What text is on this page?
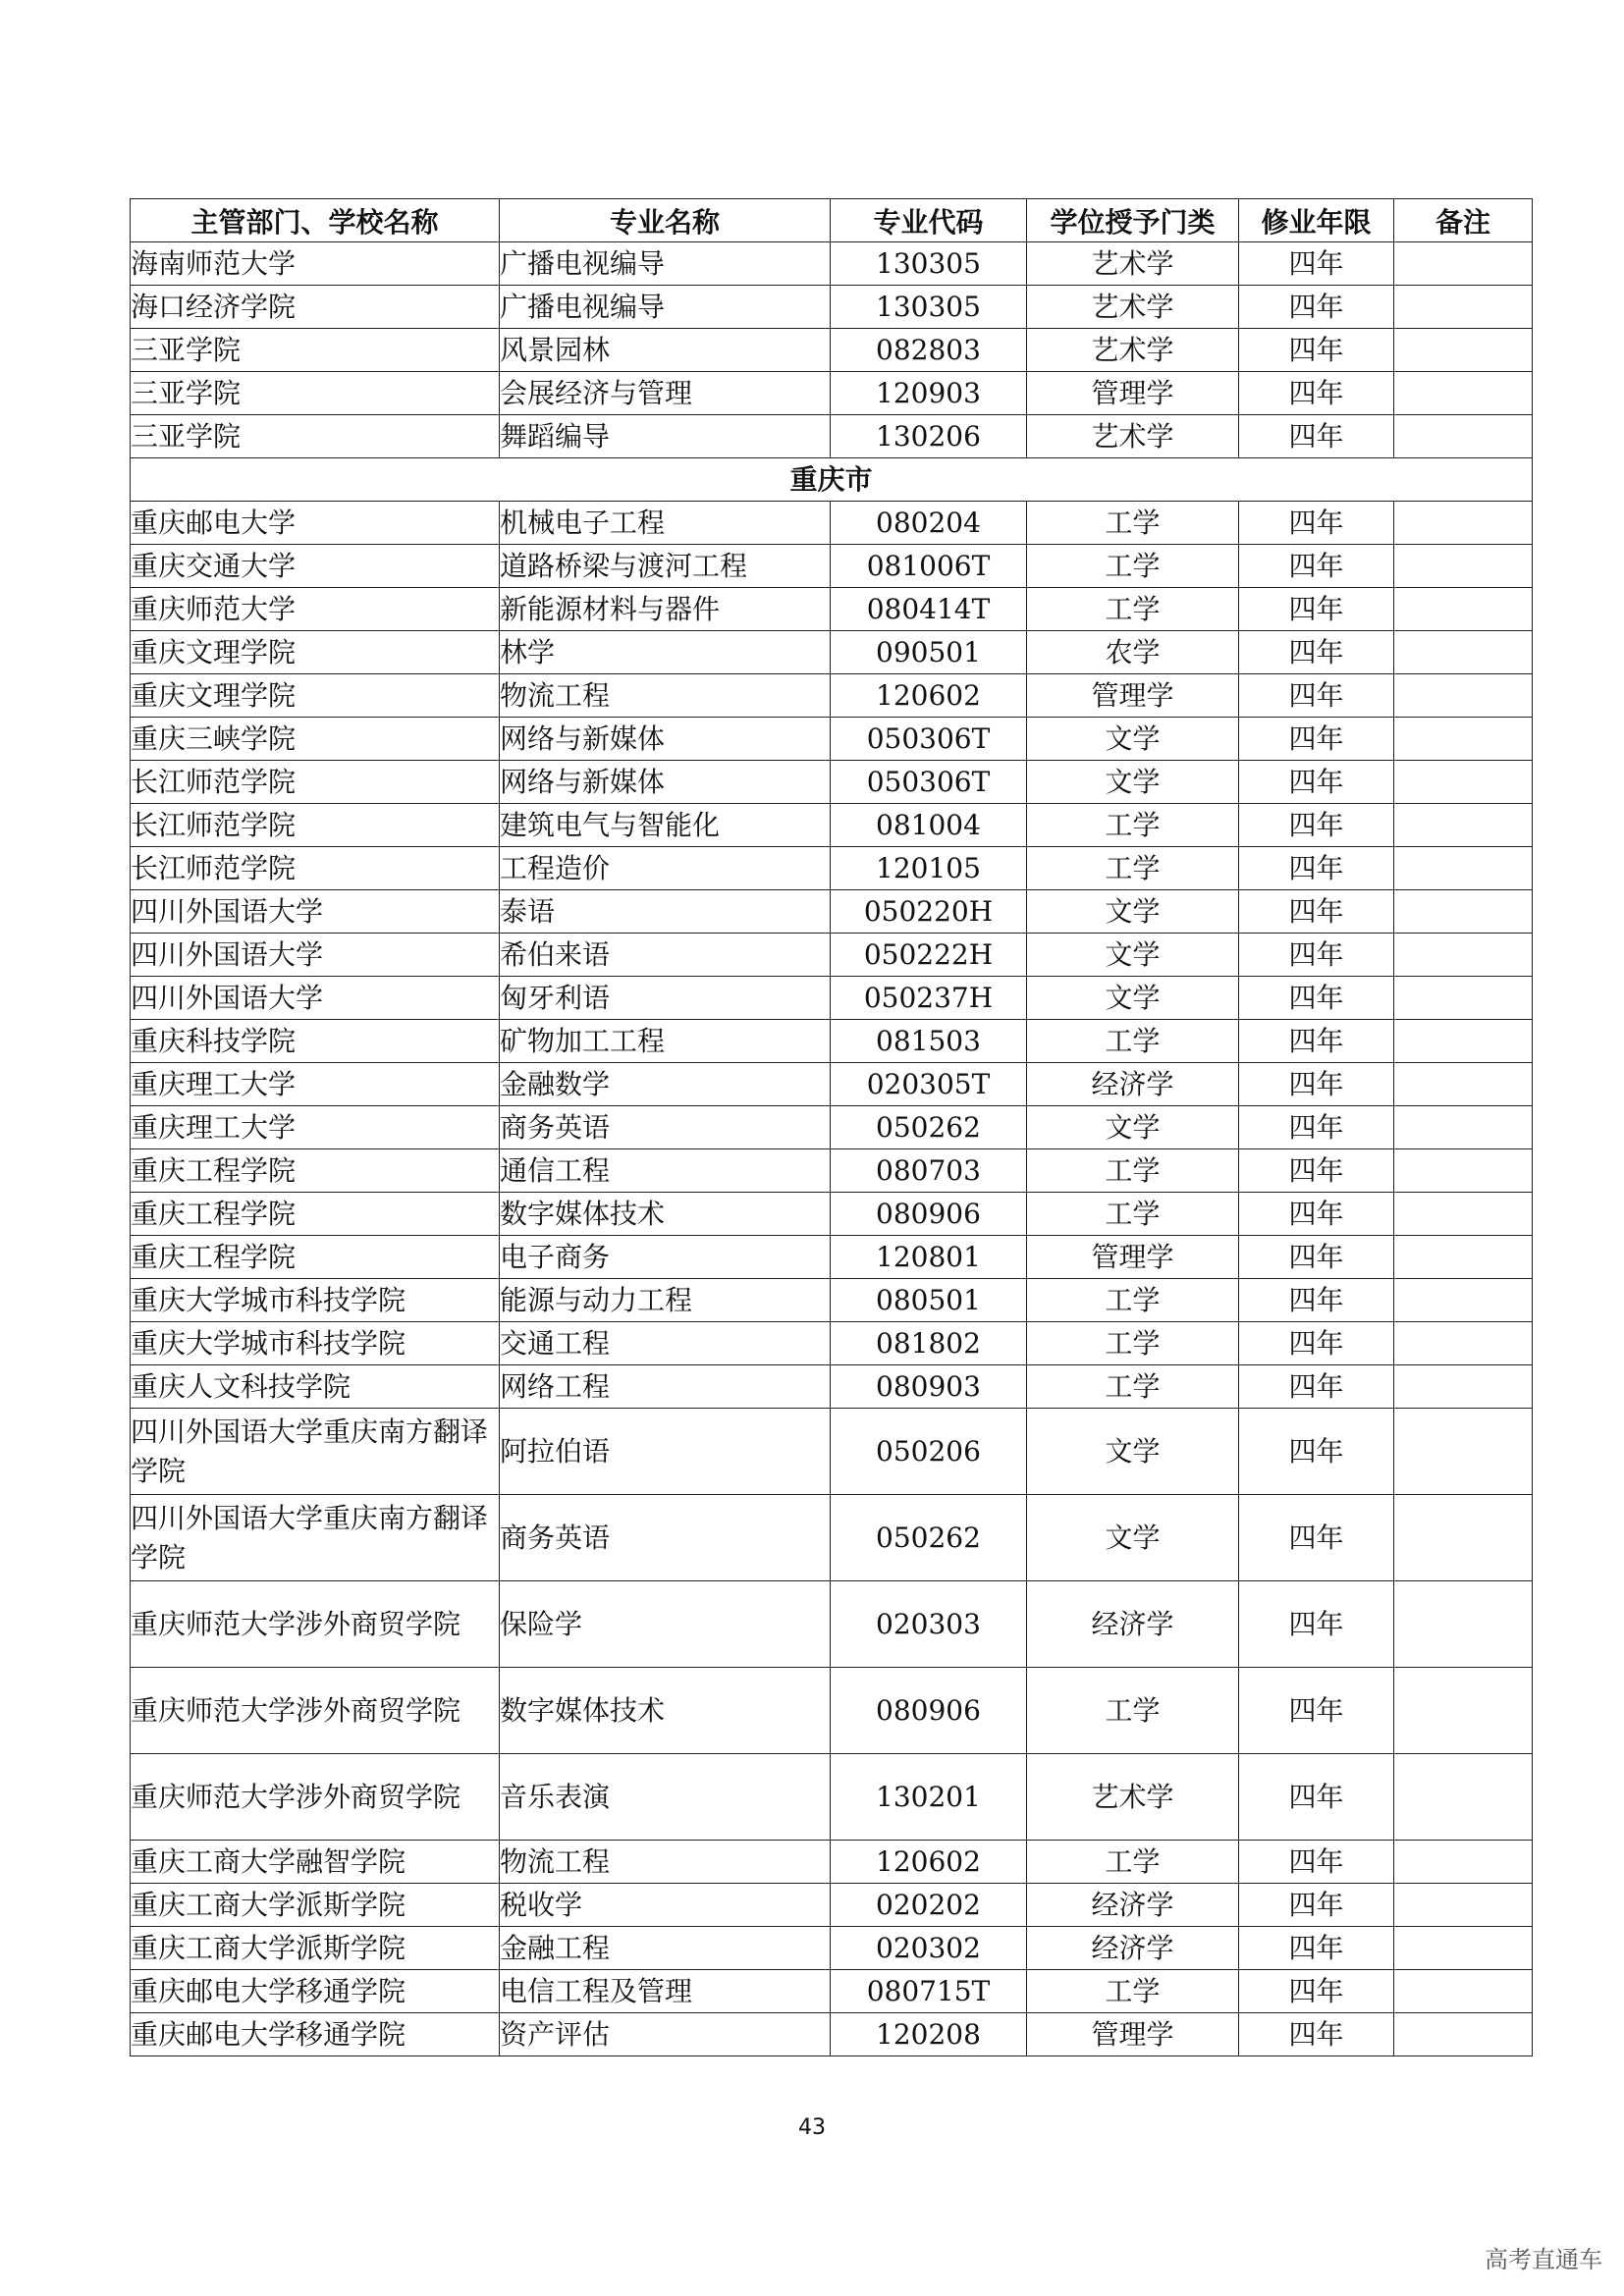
主管部门、学校名称	专业名称	专业代码	学位授予门类	修业年限	备注
海南师范大学	广播电视编导	130305	艺术学	四年	
海口经济学院	广播电视编导	130305	艺术学	四年	
三亚学院	风景园林	082803	艺术学	四年	
三亚学院	会展经济与管理	120903	管理学	四年	
三亚学院	舞蹈编导	130206	艺术学	四年	
重庆市					
重庆邮电大学	机械电子工程	080204	工学	四年	
重庆交通大学	道路桥梁与渡河工程	081006T	工学	四年	
重庆师范大学	新能源材料与器件	080414T	工学	四年	
重庆文理学院	林学	090501	农学	四年	
重庆文理学院	物流工程	120602	管理学	四年	
重庆三峡学院	网络与新媒体	050306T	文学	四年	
长江师范学院	网络与新媒体	050306T	文学	四年	
长江师范学院	建筑电气与智能化	081004	工学	四年	
长江师范学院	工程造价	120105	工学	四年	
四川外国语大学	泰语	050220H	文学	四年	
四川外国语大学	希伯来语	050222H	文学	四年	
四川外国语大学	匈牙利语	050237H	文学	四年	
重庆科技学院	矿物加工工程	081503	工学	四年	
重庆理工大学	金融数学	020305T	经济学	四年	
重庆理工大学	商务英语	050262	文学	四年	
重庆工程学院	通信工程	080703	工学	四年	
重庆工程学院	数字媒体技术	080906	工学	四年	
重庆工程学院	电子商务	120801	管理学	四年	
重庆大学城市科技学院	能源与动力工程	080501	工学	四年	
重庆大学城市科技学院	交通工程	081802	工学	四年	
重庆人文科技学院	网络工程	080903	工学	四年	
四川外国语大学重庆南方翻译学院	阿拉伯语	050206	文学	四年	
四川外国语大学重庆南方翻译学院	商务英语	050262	文学	四年	
重庆师范大学涉外商贸学院	保险学	020303	经济学	四年	
重庆师范大学涉外商贸学院	数字媒体技术	080906	工学	四年	
重庆师范大学涉外商贸学院	音乐表演	130201	艺术学	四年	
重庆工商大学融智学院	物流工程	120602	工学	四年	
重庆工商大学派斯学院	税收学	020202	经济学	四年	
重庆工商大学派斯学院	金融工程	020302	经济学	四年	
重庆邮电大学移通学院	电信工程及管理	080715T	工学	四年	
重庆邮电大学移通学院	资产评估	120208	管理学	四年	
43
高考直通车
